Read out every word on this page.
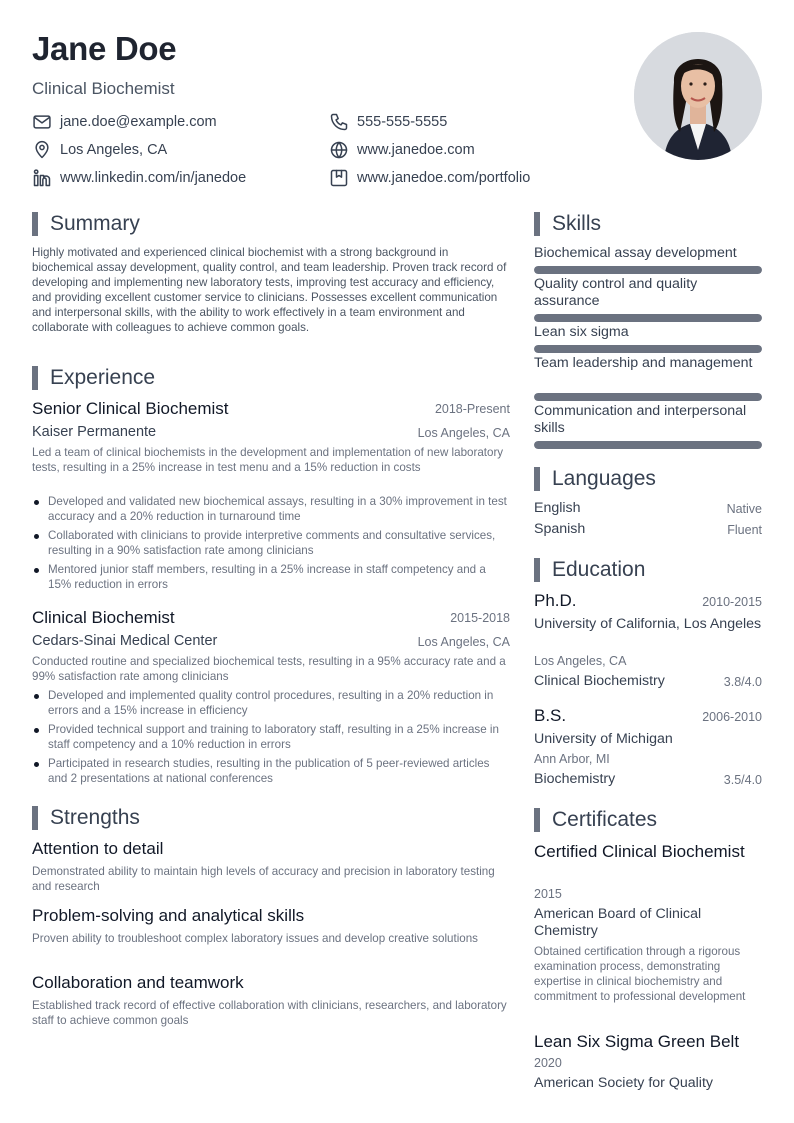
Jane Doe
Clinical Biochemist
jane.doe@example.com	555-555-5555
Los Angeles, CA	www.janedoe.com
www.linkedin.com/in/janedoe	www.janedoe.com/portfolio
Summary
Highly motivated and experienced clinical biochemist with a strong background in biochemical assay development, quality control, and team leadership. Proven track record of developing and implementing new laboratory tests, improving test accuracy and efficiency, and providing excellent customer service to clinicians. Possesses excellent communication and interpersonal skills, with the ability to work effectively in a team environment and collaborate with colleagues to achieve common goals.
Experience
Senior Clinical Biochemist	2018-Present
Kaiser Permanente	Los Angeles, CA
Led a team of clinical biochemists in the development and implementation of new laboratory tests, resulting in a 25% increase in test menu and a 15% reduction in costs
Developed and validated new biochemical assays, resulting in a 30% improvement in test accuracy and a 20% reduction in turnaround time
Collaborated with clinicians to provide interpretive comments and consultative services, resulting in a 90% satisfaction rate among clinicians
Mentored junior staff members, resulting in a 25% increase in staff competency and a 15% reduction in errors
Clinical Biochemist	2015-2018
Cedars-Sinai Medical Center	Los Angeles, CA
Conducted routine and specialized biochemical tests, resulting in a 95% accuracy rate and a 99% satisfaction rate among clinicians
Developed and implemented quality control procedures, resulting in a 20% reduction in errors and a 15% increase in efficiency
Provided technical support and training to laboratory staff, resulting in a 25% increase in staff competency and a 10% reduction in errors
Participated in research studies, resulting in the publication of 5 peer-reviewed articles and 2 presentations at national conferences
Strengths
Attention to detail
Demonstrated ability to maintain high levels of accuracy and precision in laboratory testing and research
Problem-solving and analytical skills
Proven ability to troubleshoot complex laboratory issues and develop creative solutions
Collaboration and teamwork
Established track record of effective collaboration with clinicians, researchers, and laboratory staff to achieve common goals
Skills
Biochemical assay development
Quality control and quality assurance
Lean six sigma
Team leadership and management
Communication and interpersonal skills
Languages
English	Native
Spanish	Fluent
Education
Ph.D.	2010-2015
University of California, Los Angeles
Los Angeles, CA
Clinical Biochemistry	3.8/4.0
B.S.	2006-2010
University of Michigan
Ann Arbor, MI
Biochemistry	3.5/4.0
Certificates
Certified Clinical Biochemist
2015
American Board of Clinical Chemistry
Obtained certification through a rigorous examination process, demonstrating expertise in clinical biochemistry and commitment to professional development
Lean Six Sigma Green Belt
2020
American Society for Quality
